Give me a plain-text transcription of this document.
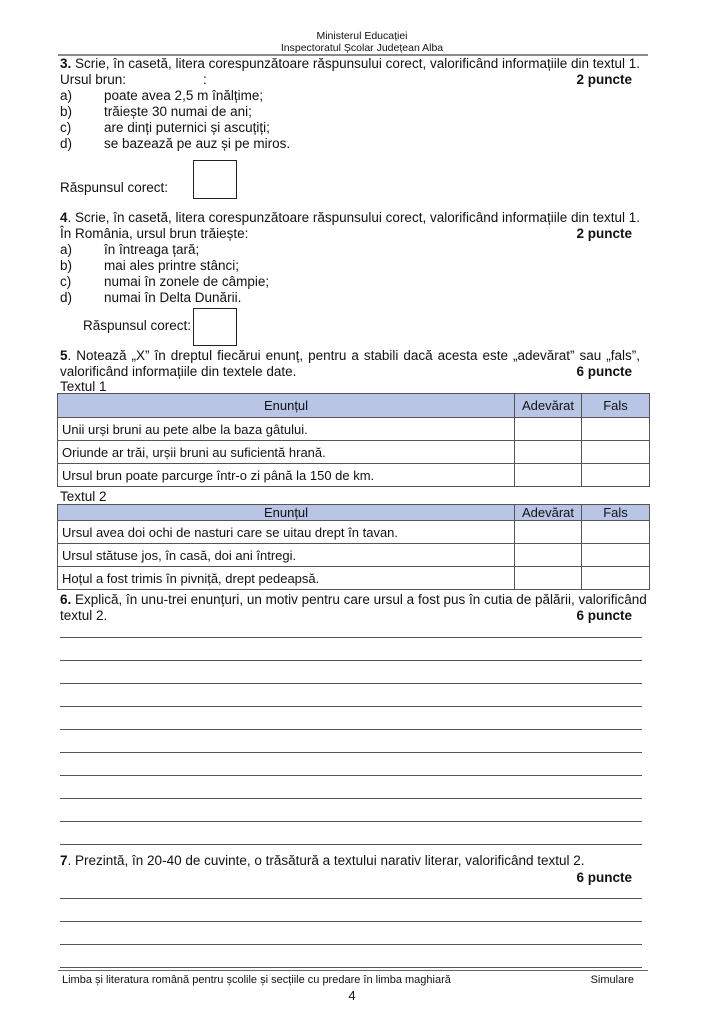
Ministerul Educației
Inspectoratul Școlar Județean Alba
3. Scrie, în casetă, litera corespunzătoare răspunsului corect, valorificând informațiile din textul 1.
Ursul brun:	:	2 puncte
a) poate avea 2,5 m înălțime;
b) trăiește 30 numai de ani;
c) are dinți puternici și ascuțiți;
d) se bazează pe auz și pe miros.
Răspunsul corect:
4. Scrie, în casetă, litera corespunzătoare răspunsului corect, valorificând informațiile din textul 1.
În România, ursul brun trăiește:	2 puncte
a) în întreaga țară;
b) mai ales printre stânci;
c) numai în zonele de câmpie;
d) numai în Delta Dunării.
Răspunsul corect:
5. Notează „X” în dreptul fiecărui enunț, pentru a stabili dacă acesta este „adevărat” sau „fals”,
valorificând informațiile din textele date.	6 puncte
Textul 1
Enunțul	Adevărat	Fals
Unii urși bruni au pete albe la baza gâtului.		
Oriunde ar trăi, urșii bruni au suficientă hrană.		
Ursul brun poate parcurge într-o zi până la 150 de km.		
Textul 2
Enunțul	Adevărat	Fals
Ursul avea doi ochi de nasturi care se uitau drept în tavan.		
Ursul stătuse jos, în casă, doi ani întregi.		
Hoțul a fost trimis în pivniță, drept pedeapsă.		
6. Explică, în unu-trei enunțuri, un motiv pentru care ursul a fost pus în cutia de pălării, valorificând
textul 2.	6 puncte
7. Prezintă, în 20-40 de cuvinte, o trăsătură a textului narativ literar, valorificând textul 2.
6 puncte
Limba și literatura română pentru școlile și secțiile cu predare în limba maghiară	Simulare
4
